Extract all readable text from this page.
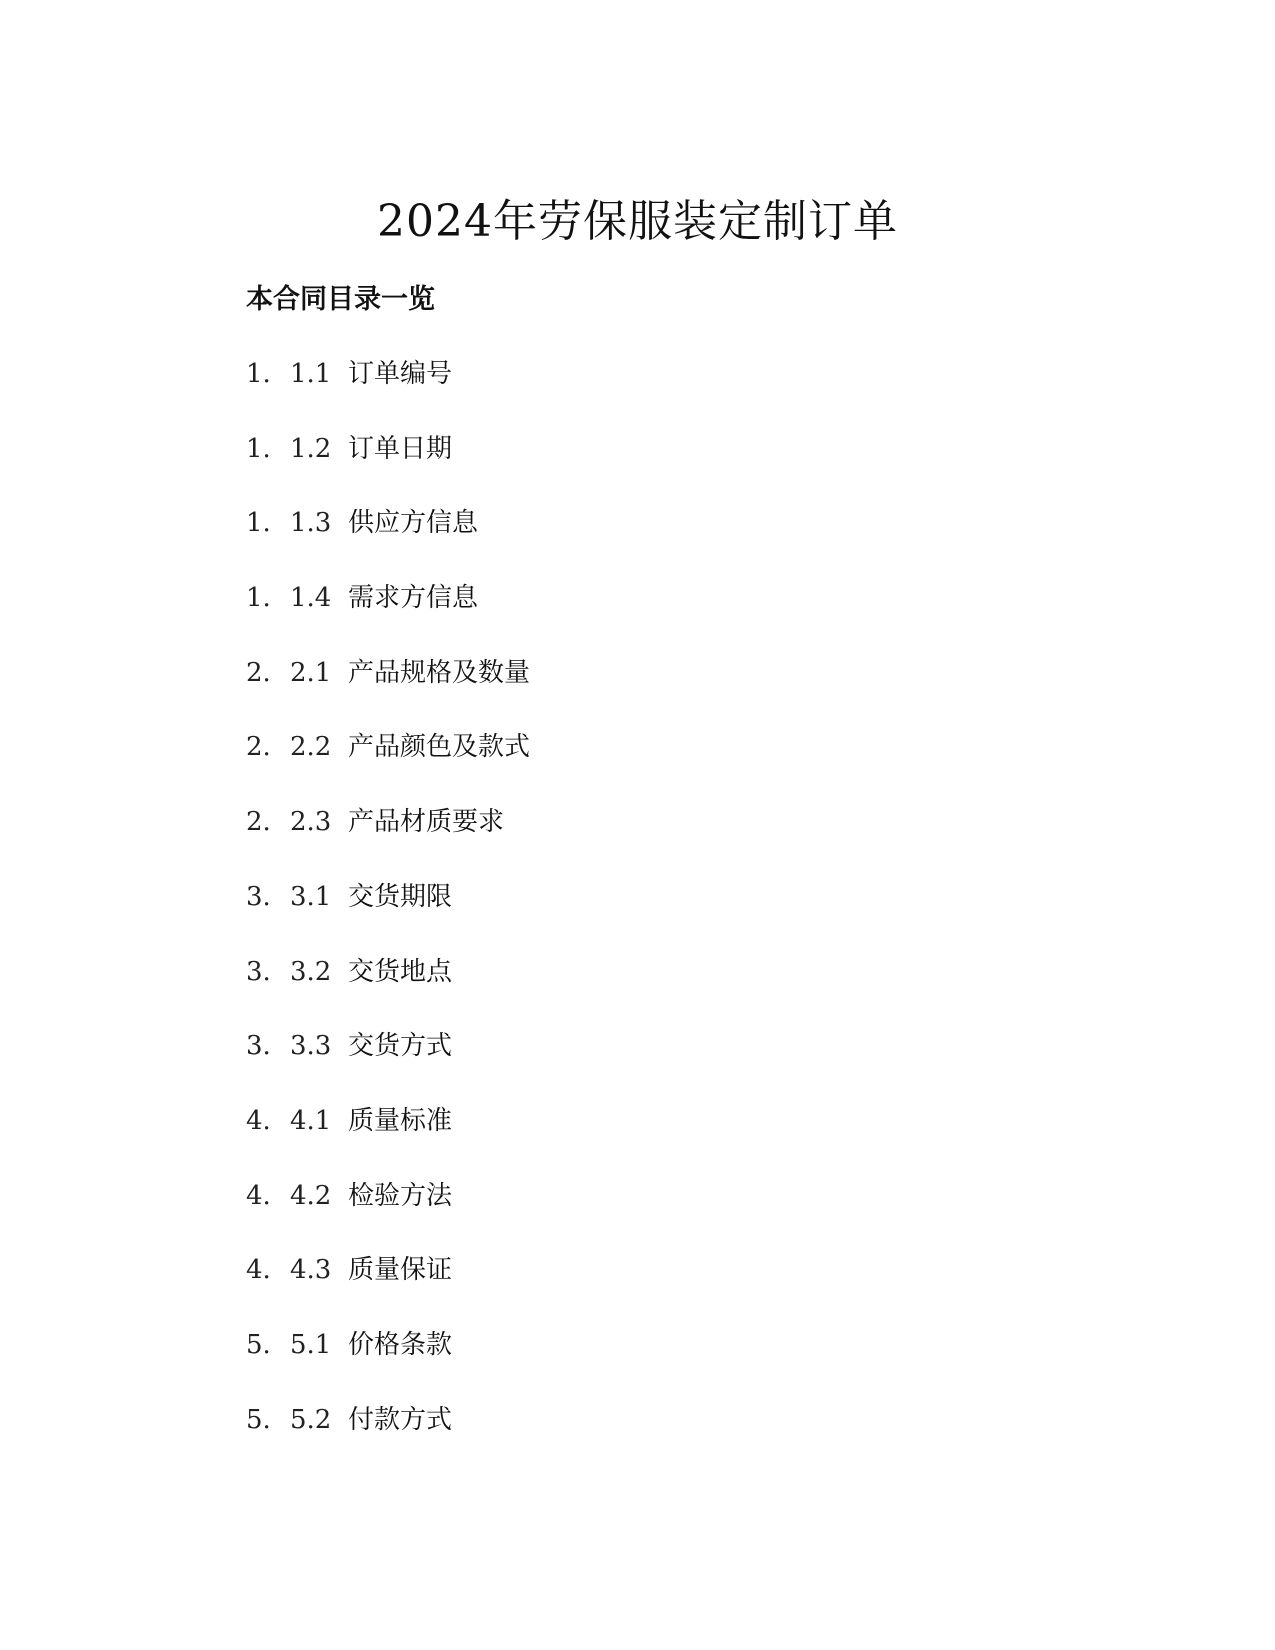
2024年劳保服装定制订单
本合同目录一览
1. 1.1 订单编号
1. 1.2 订单日期
1. 1.3 供应方信息
1. 1.4 需求方信息
2. 2.1 产品规格及数量
2. 2.2 产品颜色及款式
2. 2.3 产品材质要求
3. 3.1 交货期限
3. 3.2 交货地点
3. 3.3 交货方式
4. 4.1 质量标准
4. 4.2 检验方法
4. 4.3 质量保证
5. 5.1 价格条款
5. 5.2 付款方式
